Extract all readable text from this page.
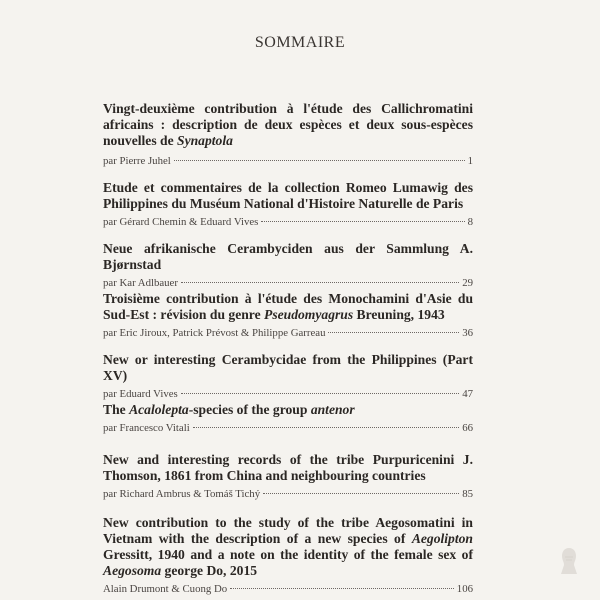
SOMMAIRE
Vingt-deuxième contribution à l'étude des Callichromatini africains : description de deux espèces et deux sous-espèces nouvelles de Synaptola
par Pierre Juhel	1
Etude et commentaires de la collection Romeo Lumawig des Philippines du Muséum National d'Histoire Naturelle de Paris
par Gérard Chemin & Eduard Vives	8
Neue afrikanische Cerambyciden aus der Sammlung A. Bjørnstad
par Kar Adlbauer	29
Troisième contribution à l'étude des Monochamini d'Asie du Sud-Est : révision du genre Pseudomyagrus Breuning, 1943
par Eric Jiroux, Patrick Prévost & Philippe Garreau	36
New or interesting Cerambycidae from the Philippines (Part XV)
par Eduard Vives	47
The Acalolepta-species of the group antenor
par Francesco Vitali	66
New and interesting records of the tribe Purpuricenini J. Thomson, 1861 from China and neighbouring countries
par Richard Ambrus & Tomáš Tichý	85
New contribution to the study of the tribe Aegosomatini in Vietnam with the description of a new species of Aegolipton Gressitt, 1940 and a note on the identity of the female sex of Aegosoma george Do, 2015
Alain Drumont & Cuong Do	106
